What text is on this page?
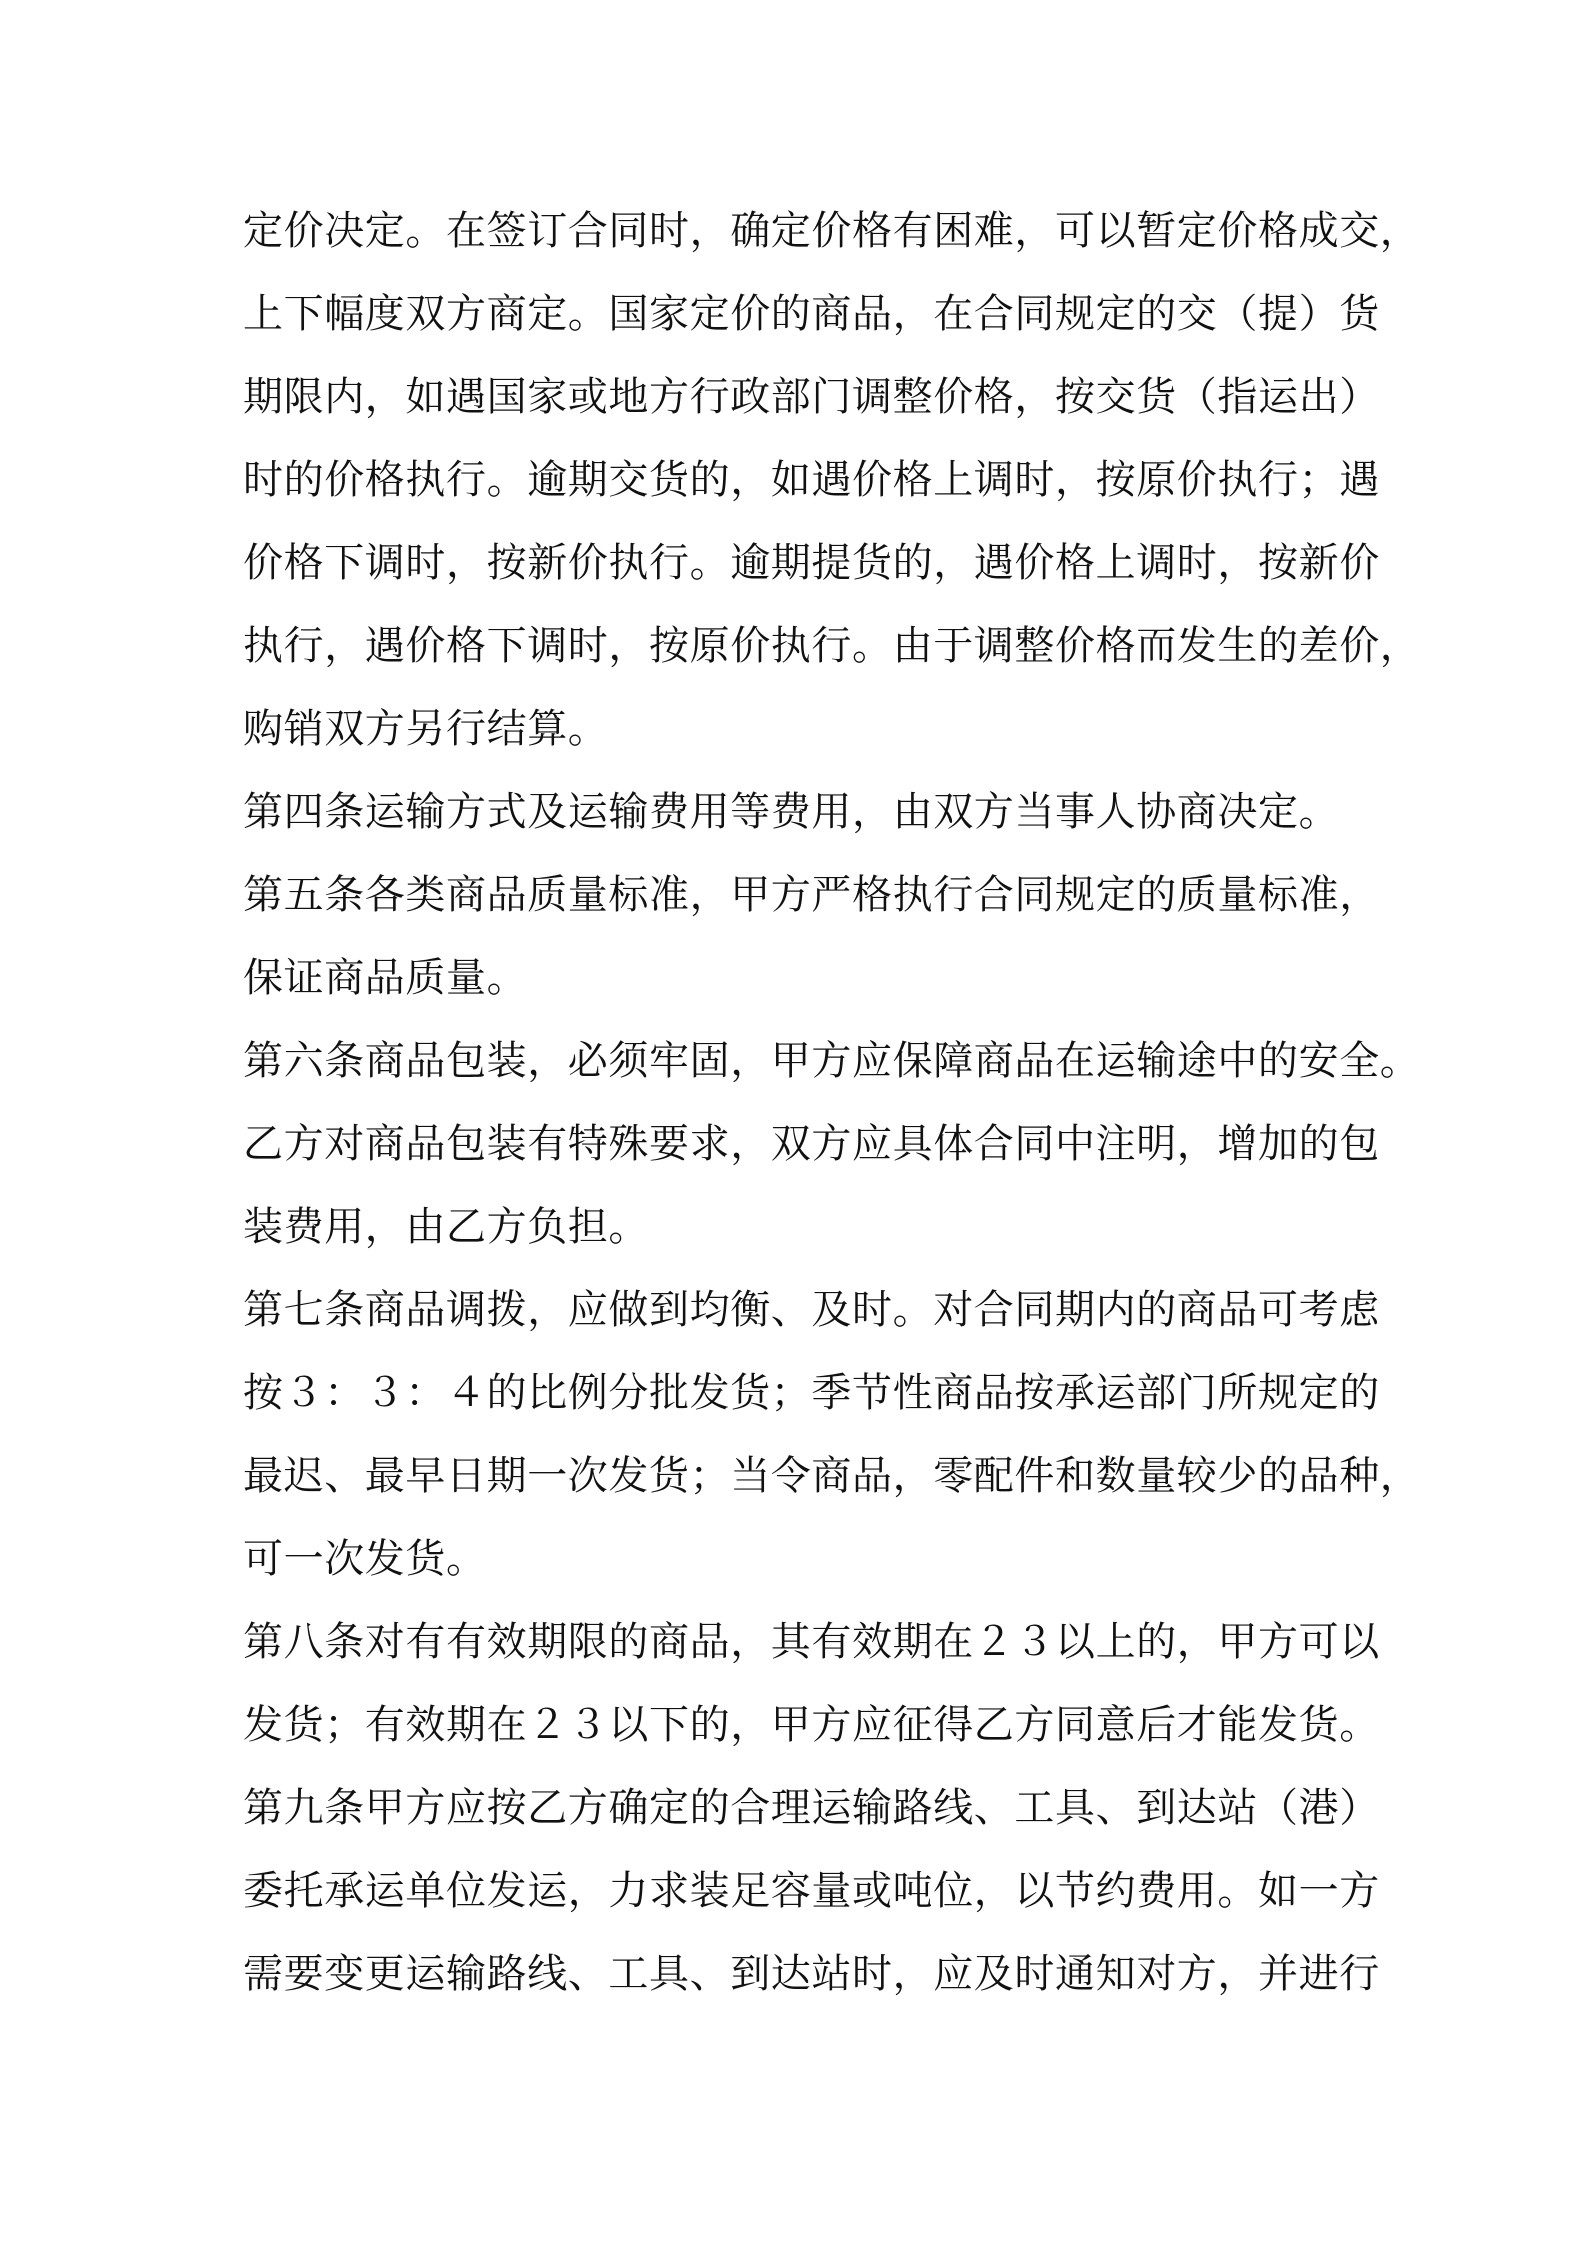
定价决定。在签订合同时，确定价格有困难，可以暂定价格成交，
上下幅度双方商定。国家定价的商品，在合同规定的交（提）货
期限内，如遇国家或地方行政部门调整价格，按交货（指运出）
时的价格执行。逾期交货的，如遇价格上调时，按原价执行；遇
价格下调时，按新价执行。逾期提货的，遇价格上调时，按新价
执行，遇价格下调时，按原价执行。由于调整价格而发生的差价，
购销双方另行结算。
第四条运输方式及运输费用等费用，由双方当事人协商决定。
第五条各类商品质量标准，甲方严格执行合同规定的质量标准，
保证商品质量。
第六条商品包装，必须牢固，甲方应保障商品在运输途中的安全。
乙方对商品包装有特殊要求，双方应具体合同中注明，增加的包
装费用，由乙方负担。
第七条商品调拨，应做到均衡、及时。对合同期内的商品可考虑
按３：３：４的比例分批发货；季节性商品按承运部门所规定的
最迟、最早日期一次发货；当令商品，零配件和数量较少的品种，
可一次发货。
第八条对有有效期限的商品，其有效期在２３以上的，甲方可以
发货；有效期在２３以下的，甲方应征得乙方同意后才能发货。
第九条甲方应按乙方确定的合理运输路线、工具、到达站（港）
委托承运单位发运，力求装足容量或吨位，以节约费用。如一方
需要变更运输路线、工具、到达站时，应及时通知对方，并进行
